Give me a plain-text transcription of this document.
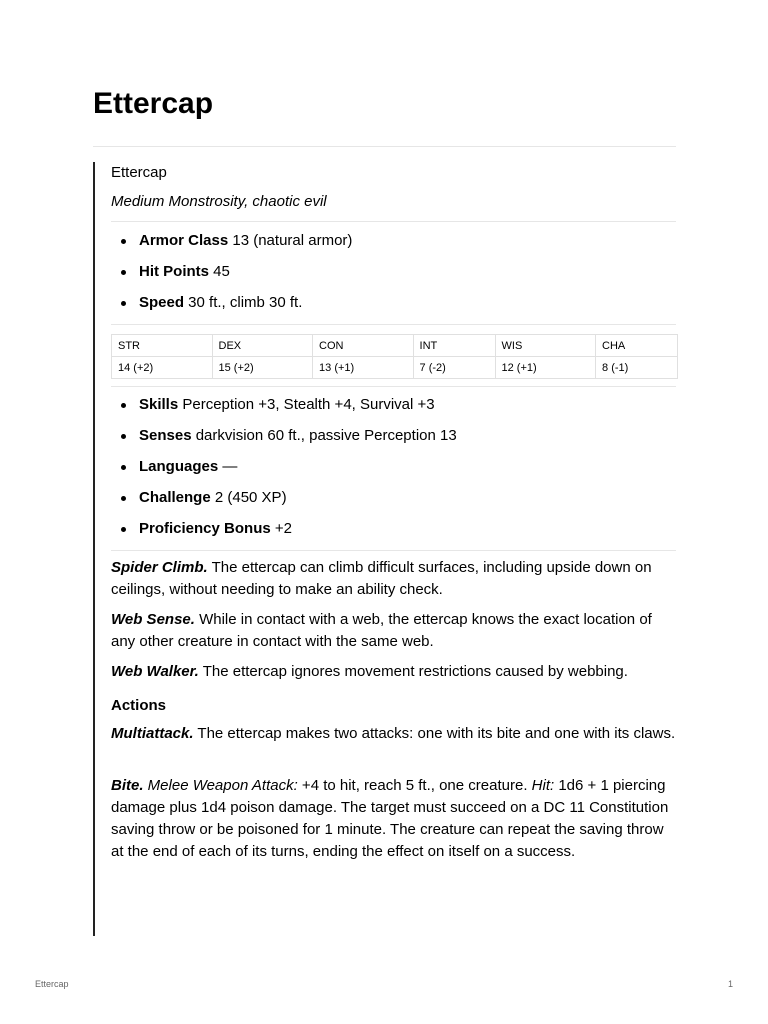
Ettercap
Ettercap
Medium Monstrosity, chaotic evil
Armor Class 13 (natural armor)
Hit Points 45
Speed 30 ft., climb 30 ft.
STR	DEX	CON	INT	WIS	CHA
14 (+2)	15 (+2)	13 (+1)	7 (-2)	12 (+1)	8 (-1)
Skills Perception +3, Stealth +4, Survival +3
Senses darkvision 60 ft., passive Perception 13
Languages —
Challenge 2 (450 XP)
Proficiency Bonus +2
Spider Climb. The ettercap can climb difficult surfaces, including upside down on ceilings, without needing to make an ability check.
Web Sense. While in contact with a web, the ettercap knows the exact location of any other creature in contact with the same web.
Web Walker. The ettercap ignores movement restrictions caused by webbing.
Actions
Multiattack. The ettercap makes two attacks: one with its bite and one with its claws.
Bite. Melee Weapon Attack: +4 to hit, reach 5 ft., one creature. Hit: 1d6 + 1 piercing damage plus 1d4 poison damage. The target must succeed on a DC 11 Constitution saving throw or be poisoned for 1 minute. The creature can repeat the saving throw at the end of each of its turns, ending the effect on itself on a success.
Ettercap	1
